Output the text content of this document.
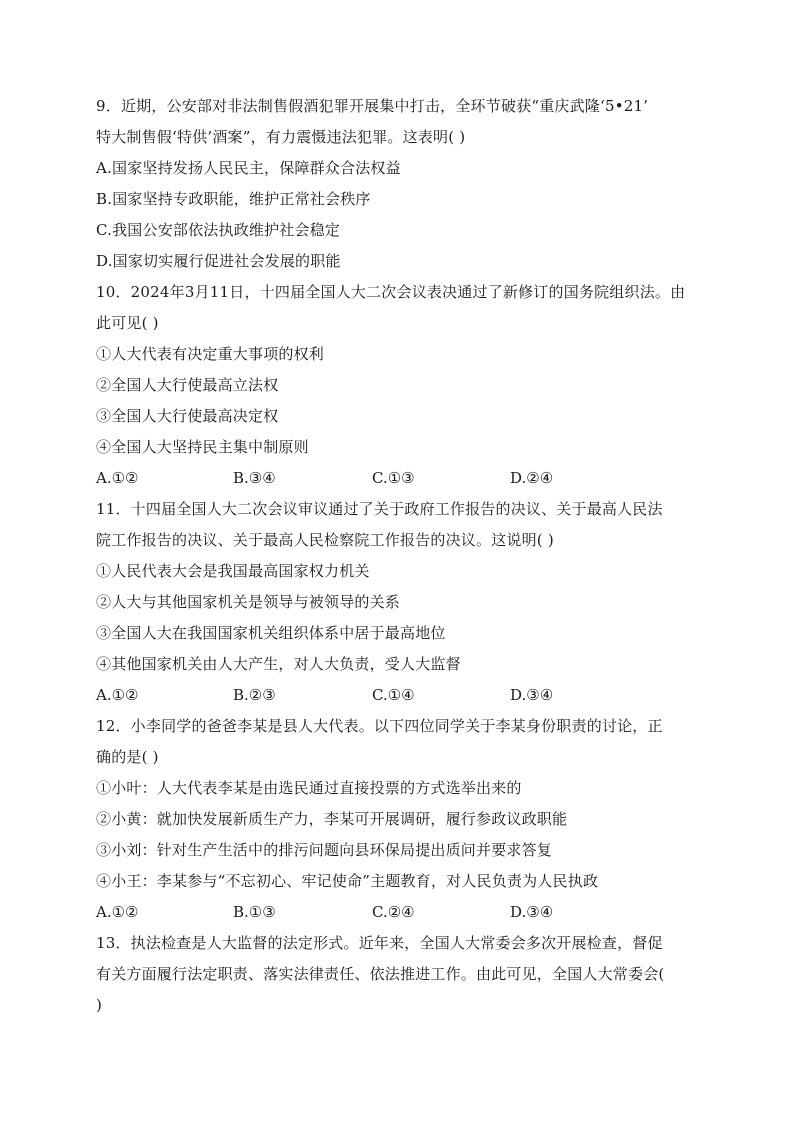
9．近期，公安部对非法制售假酒犯罪开展集中打击，全环节破获“重庆武隆‘5•21’
特大制售假‘特供’酒案”，有力震慑违法犯罪。这表明( )
A.国家坚持发扬人民民主，保障群众合法权益
B.国家坚持专政职能，维护正常社会秩序
C.我国公安部依法执政维护社会稳定
D.国家切实履行促进社会发展的职能
10．2024年3月11日，十四届全国人大二次会议表决通过了新修订的国务院组织法。由
此可见( )
①人大代表有决定重大事项的权利
②全国人大行使最高立法权
③全国人大行使最高决定权
④全国人大坚持民主集中制原则
A.①②	B.③④	C.①③	D.②④
11．十四届全国人大二次会议审议通过了关于政府工作报告的决议、关于最高人民法
院工作报告的决议、关于最高人民检察院工作报告的决议。这说明( )
①人民代表大会是我国最高国家权力机关
②人大与其他国家机关是领导与被领导的关系
③全国人大在我国国家机关组织体系中居于最高地位
④其他国家机关由人大产生，对人大负责，受人大监督
A.①②	B.②③	C.①④	D.③④
12．小李同学的爸爸李某是县人大代表。以下四位同学关于李某身份职责的讨论，正
确的是( )
①小叶：人大代表李某是由选民通过直接投票的方式选举出来的
②小黄：就加快发展新质生产力，李某可开展调研，履行参政议政职能
③小刘：针对生产生活中的排污问题向县环保局提出质问并要求答复
④小王：李某参与“不忘初心、牢记使命”主题教育，对人民负责为人民执政
A.①②	B.①③	C.②④	D.③④
13．执法检查是人大监督的法定形式。近年来，全国人大常委会多次开展检查，督促
有关方面履行法定职责、落实法律责任、依法推进工作。由此可见，全国人大常委会(
)
